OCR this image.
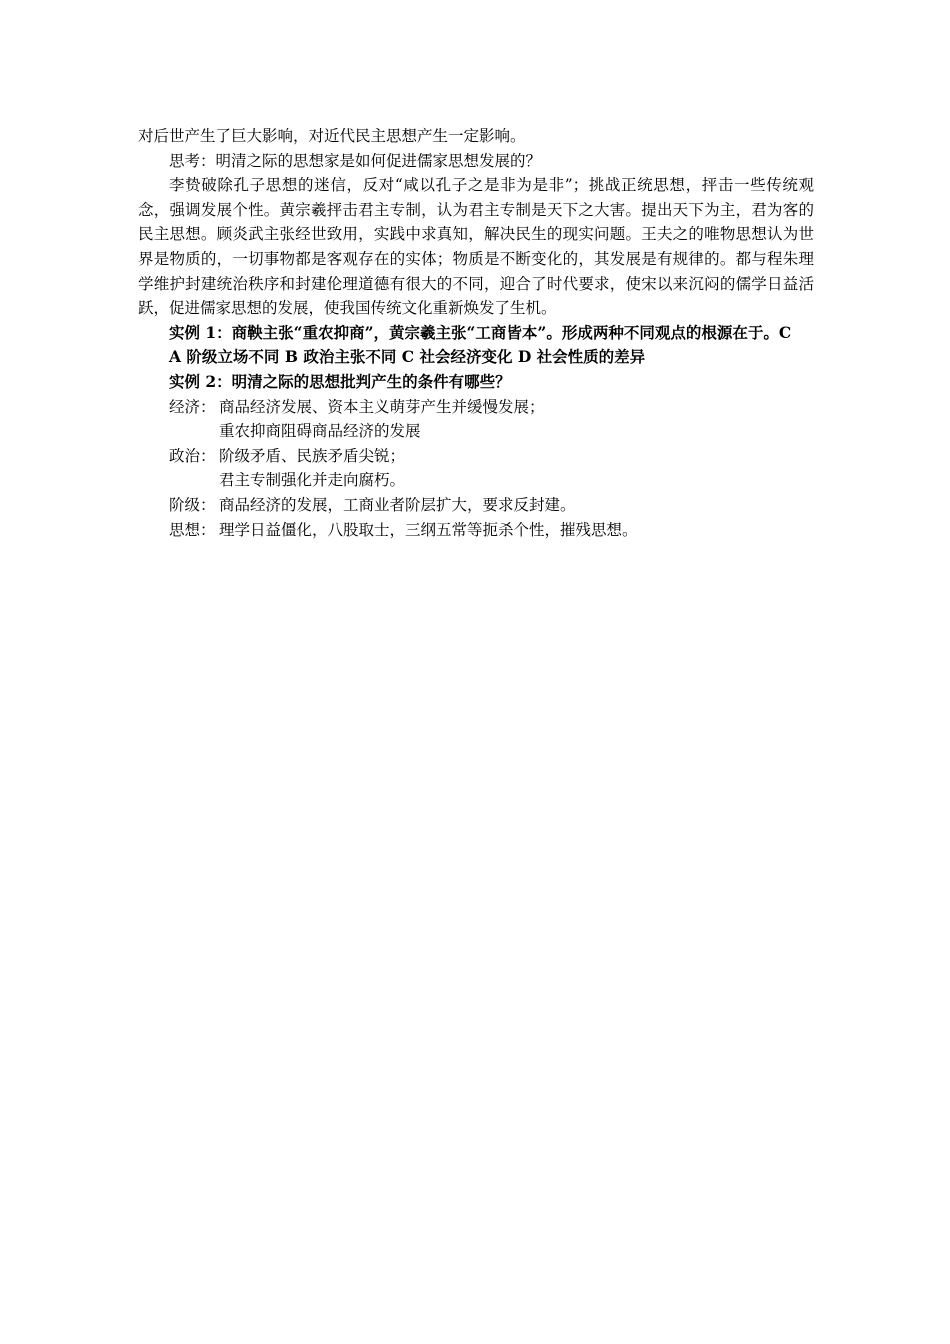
对后世产生了巨大影响，对近代民主思想产生一定影响。

思考：明清之际的思想家是如何促进儒家思想发展的？

李贽破除孔子思想的迷信，反对“咸以孔子之是非为是非”；挑战正统思想，抨击一些传统观念，强调发展个性。黄宗羲抨击君主专制，认为君主专制是天下之大害。提出天下为主，君为客的民主思想。顾炎武主张经世致用，实践中求真知，解决民生的现实问题。王夫之的唯物思想认为世界是物质的，一切事物都是客观存在的实体；物质是不断变化的，其发展是有规律的。都与程朱理学维护封建统治秩序和封建伦理道德有很大的不同，迎合了时代要求，使宋以来沉闷的儒学日益活跃，促进儒家思想的发展，使我国传统文化重新焕发了生机。

实例 1：商鞅主张“重农抑商”，黄宗羲主张“工商皆本”。形成两种不同观点的根源在于。C

A 阶级立场不同 B 政治主张不同 C 社会经济变化 D 社会性质的差异

实例 2：明清之际的思想批判产生的条件有哪些？

经济： 商品经济发展、资本主义萌芽产生并缓慢发展；

重农抑商阻碍商品经济的发展

政治： 阶级矛盾、民族矛盾尖锐；

君主专制强化并走向腐朽。

阶级： 商品经济的发展，工商业者阶层扩大，要求反封建。

思想： 理学日益僵化，八股取士，三纲五常等扼杀个性，摧残思想。
